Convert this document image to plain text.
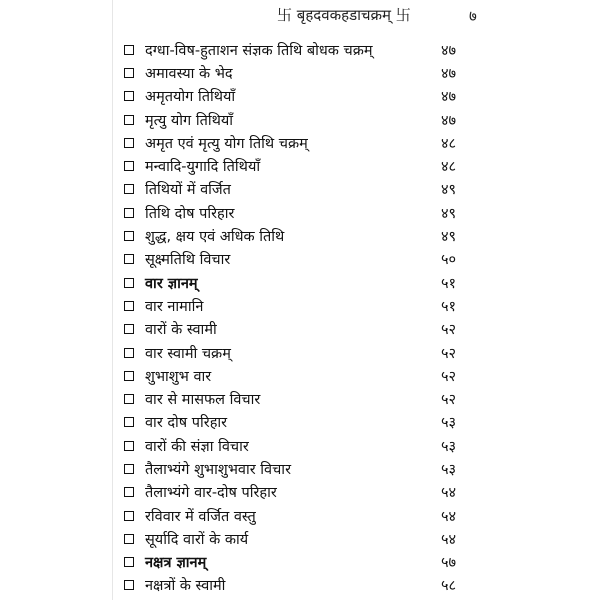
卐 बृहदवकहडाचक्रम् 卐	७
दग्धा-विष-हुताशन संज्ञक तिथि बोधक चक्रम्	४७
अमावस्या के भेद	४७
अमृतयोग तिथियाँ	४७
मृत्यु योग तिथियाँ	४७
अमृत एवं मृत्यु योग तिथि चक्रम्	४८
मन्वादि-युगादि तिथियाँ	४८
तिथियों में वर्जित	४९
तिथि दोष परिहार	४९
शुद्ध, क्षय एवं अधिक तिथि	४९
सूक्ष्मतिथि विचार	५०
वार ज्ञानम्	५१
वार नामानि	५१
वारों के स्वामी	५२
वार स्वामी चक्रम्	५२
शुभाशुभ वार	५२
वार से मासफल विचार	५२
वार दोष परिहार	५३
वारों की संज्ञा विचार	५३
तैलाभ्यंगे शुभाशुभवार विचार	५३
तैलाभ्यंगे वार-दोष परिहार	५४
रविवार में वर्जित वस्तु	५४
सूर्यादि वारों के कार्य	५४
नक्षत्र ज्ञानम्	५७
नक्षत्रों के स्वामी	५८
